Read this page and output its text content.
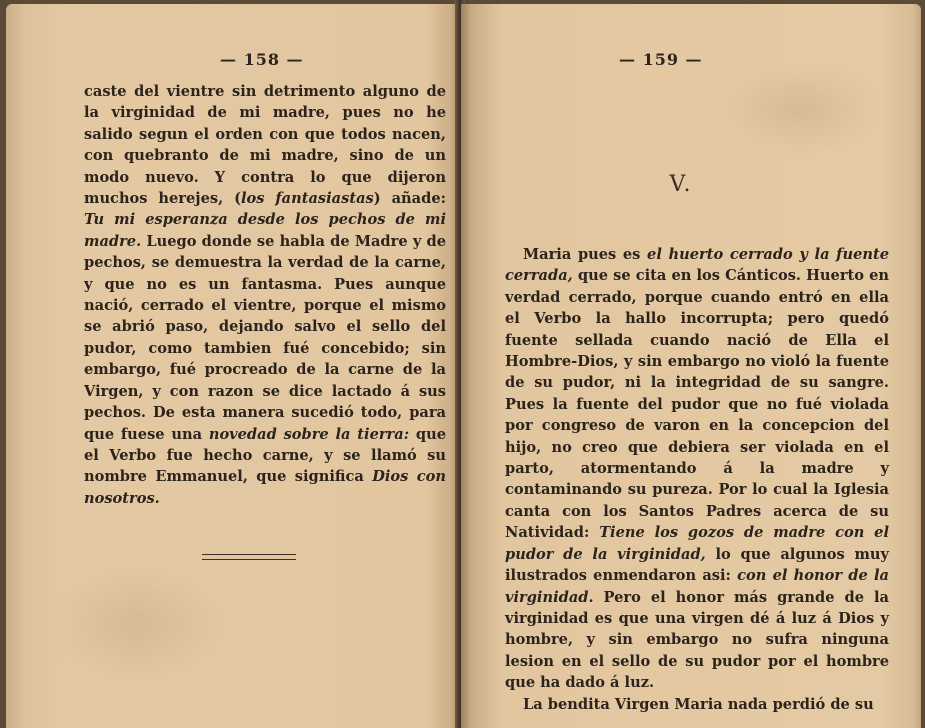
— 158 —

caste del vientre sin detrimento alguno de la virginidad de mi madre, pues no he salido segun el orden con que todos nacen, con quebranto de mi madre, sino de un modo nuevo. Y contra lo que dijeron muchos herejes, (los fantasiastas) añade: Tu mi esperanza desde los pechos de mi madre. Luego donde se habla de Madre y de pechos, se demuestra la verdad de la carne, y que no es un fantasma. Pues aunque nació, cerrado el vientre, porque el mismo se abrió paso, dejando salvo el sello del pudor, como tambien fué concebido; sin embargo, fué procreado de la carne de la Virgen, y con razon se dice lactado á sus pechos. De esta manera sucedió todo, para que fuese una novedad sobre la tierra: que el Verbo fue hecho carne, y se llamó su nombre Emmanuel, que significa Dios con nosotros.

— 159 —
V.

Maria pues es el huerto cerrado y la fuente cerrada, que se cita en los Cánticos. Huerto en verdad cerrado, porque cuando entró en ella el Verbo la hallo incorrupta; pero quedó fuente sellada cuando nació de Ella el Hombre-Dios, y sin embargo no violó la fuente de su pudor, ni la integridad de su sangre. Pues la fuente del pudor que no fué violada por congreso de varon en la concepcion del hijo, no creo que debiera ser violada en el parto, atormentando á la madre y contaminando su pureza. Por lo cual la Iglesia canta con los Santos Padres acerca de su Natividad: Tiene los gozos de madre con el pudor de la virginidad, lo que algunos muy ilustrados enmendaron asi: con el honor de la virginidad. Pero el honor más grande de la virginidad es que una virgen dé á luz á Dios y hombre, y sin embargo no sufra ninguna lesion en el sello de su pudor por el hombre que ha dado á luz.

La bendita Virgen Maria nada perdió de su
